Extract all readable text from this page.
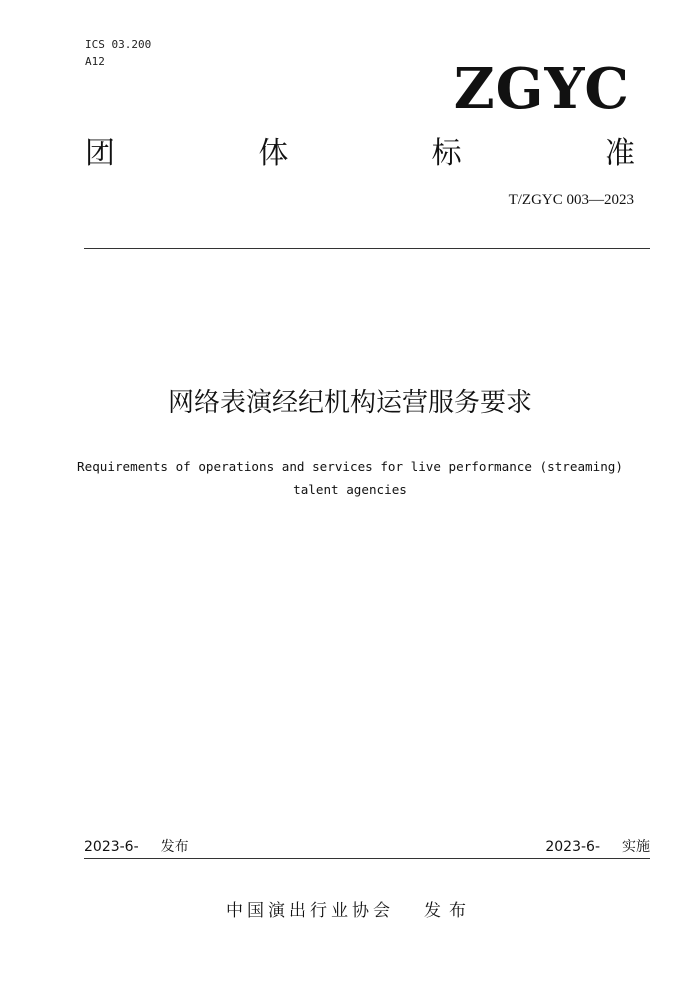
ICS 03.200
A12	ZGYC
团	体	标	准
T/ZGYC 003—2023
网络表演经纪机构运营服务要求
Requirements of operations and services for live performance (streaming)
talent agencies
2023-6- 发布	2023-6- 实施
中国演出行业协会 发布
